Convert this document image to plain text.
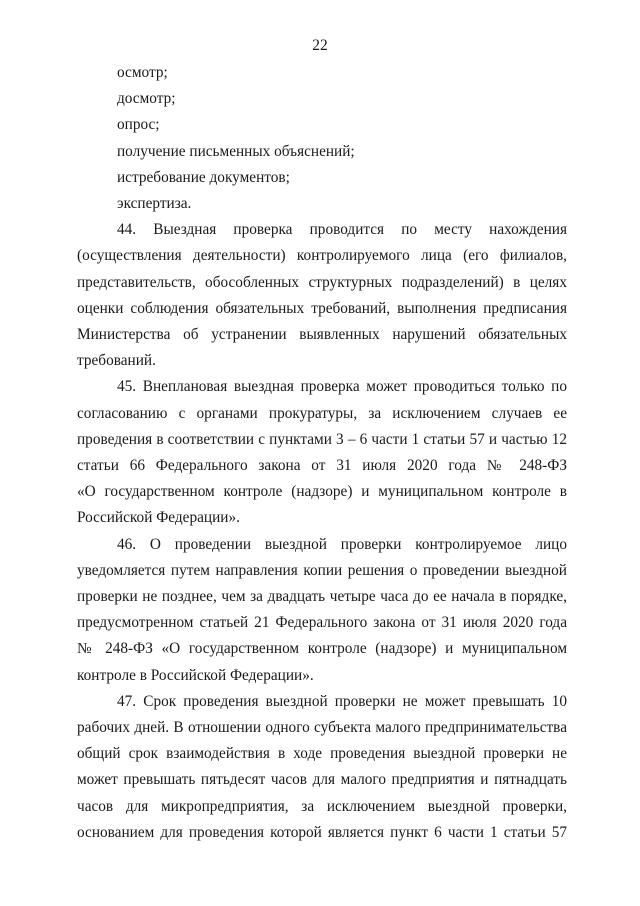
22
осмотр;
досмотр;
опрос;
получение письменных объяснений;
истребование документов;
экспертиза.
44. Выездная проверка проводится по месту нахождения
(осуществления деятельности) контролируемого лица (его филиалов,
представительств, обособленных структурных подразделений) в целях
оценки соблюдения обязательных требований, выполнения предписания
Министерства об устранении выявленных нарушений обязательных
требований.
45. Внеплановая выездная проверка может проводиться только по
согласованию с органами прокуратуры, за исключением случаев ее
проведения в соответствии с пунктами 3 – 6 части 1 статьи 57 и частью 12
статьи 66 Федерального закона от 31 июля 2020 года № 248-ФЗ
«О государственном контроле (надзоре) и муниципальном контроле в
Российской Федерации».
46. О проведении выездной проверки контролируемое лицо
уведомляется путем направления копии решения о проведении выездной
проверки не позднее, чем за двадцать четыре часа до ее начала в порядке,
предусмотренном статьей 21 Федерального закона от 31 июля 2020 года
№ 248-ФЗ «О государственном контроле (надзоре) и муниципальном
контроле в Российской Федерации».
47. Срок проведения выездной проверки не может превышать 10
рабочих дней. В отношении одного субъекта малого предпринимательства
общий срок взаимодействия в ходе проведения выездной проверки не
может превышать пятьдесят часов для малого предприятия и пятнадцать
часов для микропредприятия, за исключением выездной проверки,
основанием для проведения которой является пункт 6 части 1 статьи 57
